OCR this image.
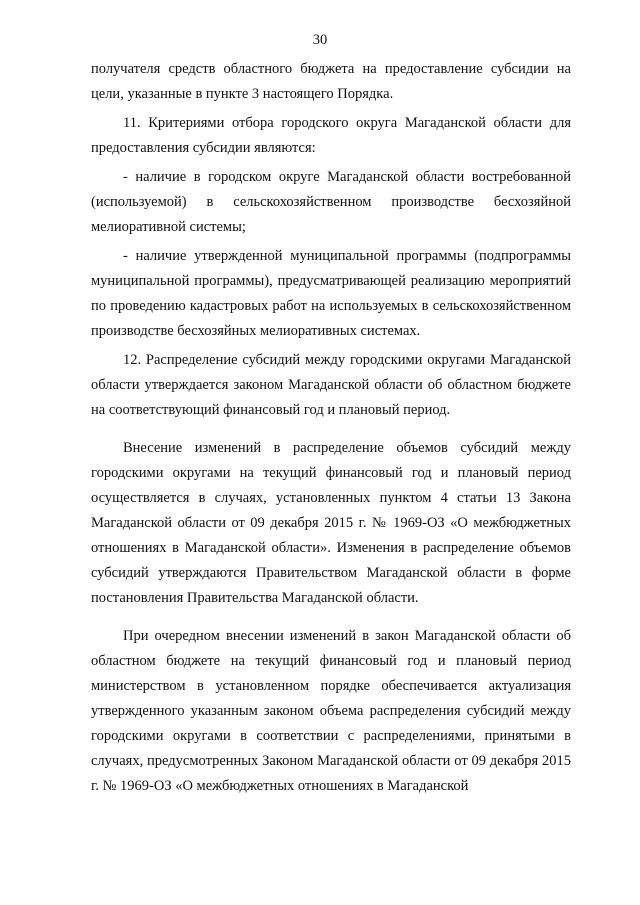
30

получателя средств областного бюджета на предоставление субсидии на цели, указанные в пункте 3 настоящего Порядка.

11. Критериями отбора городского округа Магаданской области для предоставления субсидии являются:

- наличие в городском округе Магаданской области востребованной (используемой) в сельскохозяйственном производстве бесхозяйной мелиоративной системы;

- наличие утвержденной муниципальной программы (подпрограммы муниципальной программы), предусматривающей реализацию мероприятий по проведению кадастровых работ на используемых в сельскохозяйственном производстве бесхозяйных мелиоративных системах.

12. Распределение субсидий между городскими округами Магаданской области утверждается законом Магаданской области об областном бюджете на соответствующий финансовый год и плановый период.

Внесение изменений в распределение объемов субсидий между городскими округами на текущий финансовый год и плановый период осуществляется в случаях, установленных пунктом 4 статьи 13 Закона Магаданской области от 09 декабря 2015 г. № 1969-ОЗ «О межбюджетных отношениях в Магаданской области». Изменения в распределение объемов субсидий утверждаются Правительством Магаданской области в форме постановления Правительства Магаданской области.

При очередном внесении изменений в закон Магаданской области об областном бюджете на текущий финансовый год и плановый период министерством в установленном порядке обеспечивается актуализация утвержденного указанным законом объема распределения субсидий между городскими округами в соответствии с распределениями, принятыми в случаях, предусмотренных Законом Магаданской области от 09 декабря 2015 г. № 1969-ОЗ «О межбюджетных отношениях в Магаданской
